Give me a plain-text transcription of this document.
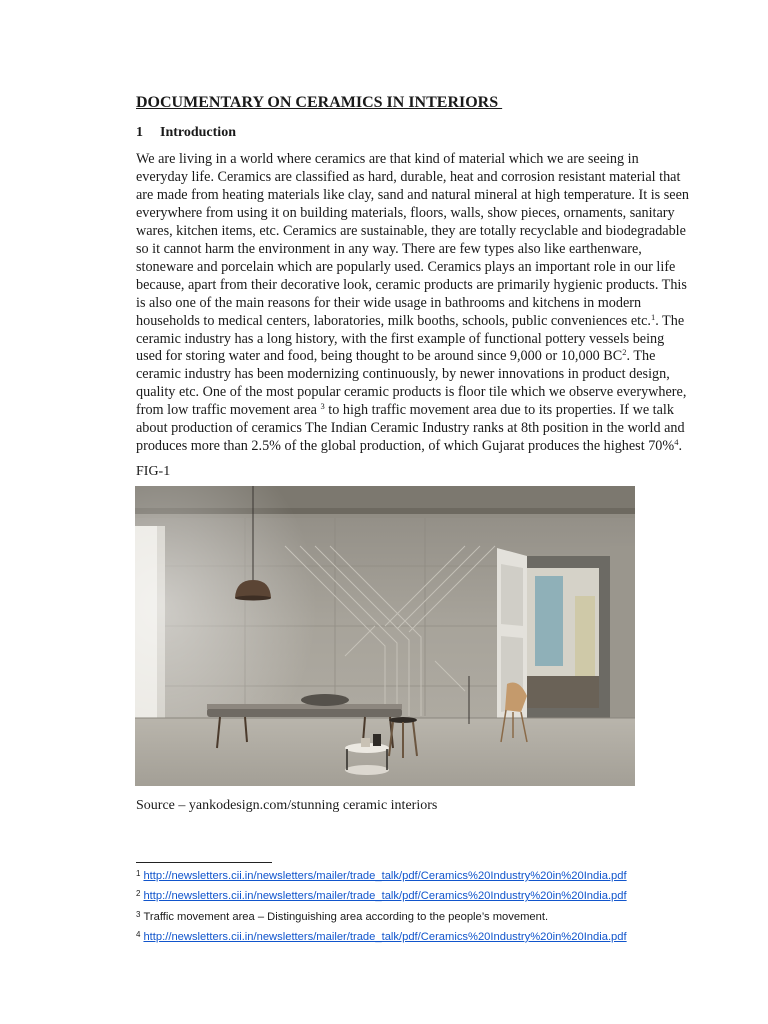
DOCUMENTARY ON CERAMICS IN INTERIORS
1 Introduction
We are living in a world where ceramics are that kind of material which we are seeing in
everyday life. Ceramics are classified as hard, durable, heat and corrosion resistant material that
are made from heating materials like clay, sand and natural mineral at high temperature. It is seen
everywhere from using it on building materials, floors, walls, show pieces, ornaments, sanitary
wares, kitchen items, etc. Ceramics are sustainable, they are totally recyclable and biodegradable
so it cannot harm the environment in any way. There are few types also like earthenware,
stoneware and porcelain which are popularly used. Ceramics plays an important role in our life
because, apart from their decorative look, ceramic products are primarily hygienic products. This
is also one of the main reasons for their wide usage in bathrooms and kitchens in modern
households to medical centers, laboratories, milk booths, schools, public conveniences etc.$^1$. The
ceramic industry has a long history, with the first example of functional pottery vessels being
used for storing water and food, being thought to be around since 9,000 or 10,000 BC$^2$. The
ceramic industry has been modernizing continuously, by newer innovations in product design,
quality etc. One of the most popular ceramic products is floor tile which we observe everywhere,
from low traffic movement area $^3$ to high traffic movement area due to its properties. If we talk
about production of ceramics The Indian Ceramic Industry ranks at 8th position in the world and
produces more than 2.5% of the global production, of which Gujarat produces the highest 70%$^4$.
FIG-1
Source – yankodesign.com/stunning ceramic interiors
$^1$ http://newsletters.cii.in/newsletters/mailer/trade_talk/pdf/Ceramics%20Industry%20in%20India.pdf
$^2$ http://newsletters.cii.in/newsletters/mailer/trade_talk/pdf/Ceramics%20Industry%20in%20India.pdf
$^3$ Traffic movement area – Distinguishing area according to the people’s movement.
$^4$ http://newsletters.cii.in/newsletters/mailer/trade_talk/pdf/Ceramics%20Industry%20in%20India.pdf
